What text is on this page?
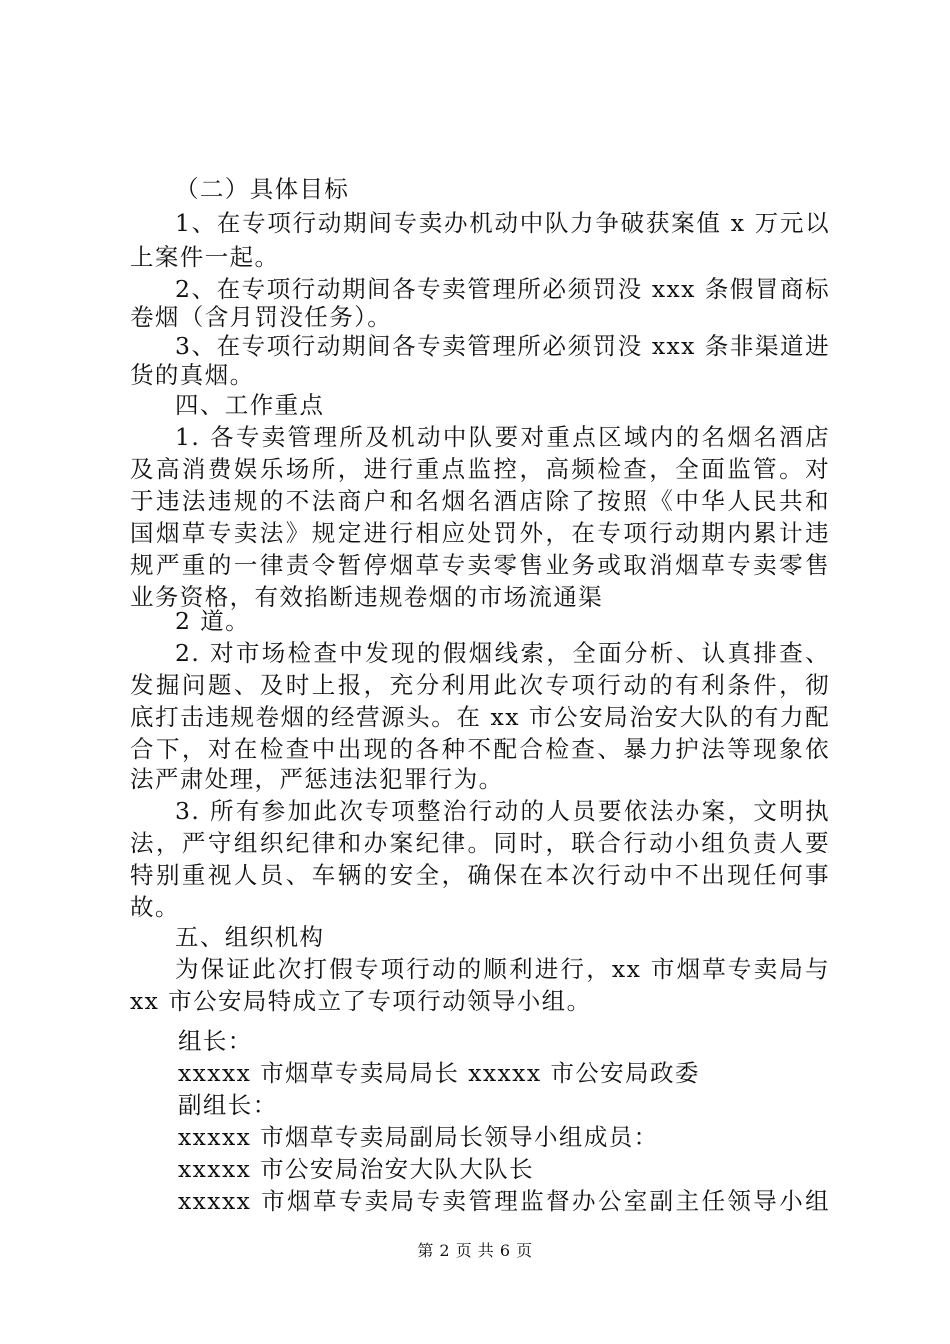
（二）具体目标
1、在专项行动期间专卖办机动中队力争破获案值 x 万元以
上案件一起。
2、在专项行动期间各专卖管理所必须罚没 xxx 条假冒商标
卷烟（含月罚没任务）。
3、在专项行动期间各专卖管理所必须罚没 xxx 条非渠道进
货的真烟。
四、工作重点
1. 各专卖管理所及机动中队要对重点区域内的名烟名酒店
及高消费娱乐场所，进行重点监控，高频检查，全面监管。对
于违法违规的不法商户和名烟名酒店除了按照《中华人民共和
国烟草专卖法》规定进行相应处罚外，在专项行动期内累计违
规严重的一律责令暂停烟草专卖零售业务或取消烟草专卖零售
业务资格，有效掐断违规卷烟的市场流通渠
2 道。
2. 对市场检查中发现的假烟线索，全面分析、认真排查、
发掘问题、及时上报，充分利用此次专项行动的有利条件，彻
底打击违规卷烟的经营源头。在 xx 市公安局治安大队的有力配
合下，对在检查中出现的各种不配合检查、暴力护法等现象依
法严肃处理，严惩违法犯罪行为。
3. 所有参加此次专项整治行动的人员要依法办案，文明执
法，严守组织纪律和办案纪律。同时，联合行动小组负责人要
特别重视人员、车辆的安全，确保在本次行动中不出现任何事
故。
五、组织机构
为保证此次打假专项行动的顺利进行，xx 市烟草专卖局与
xx 市公安局特成立了专项行动领导小组。
组长：
xxxxx 市烟草专卖局局长 xxxxx 市公安局政委
副组长：
xxxxx 市烟草专卖局副局长领导小组成员：
xxxxx 市公安局治安大队大队长
xxxxx 市烟草专卖局专卖管理监督办公室副主任领导小组
第 2 页 共 6 页
